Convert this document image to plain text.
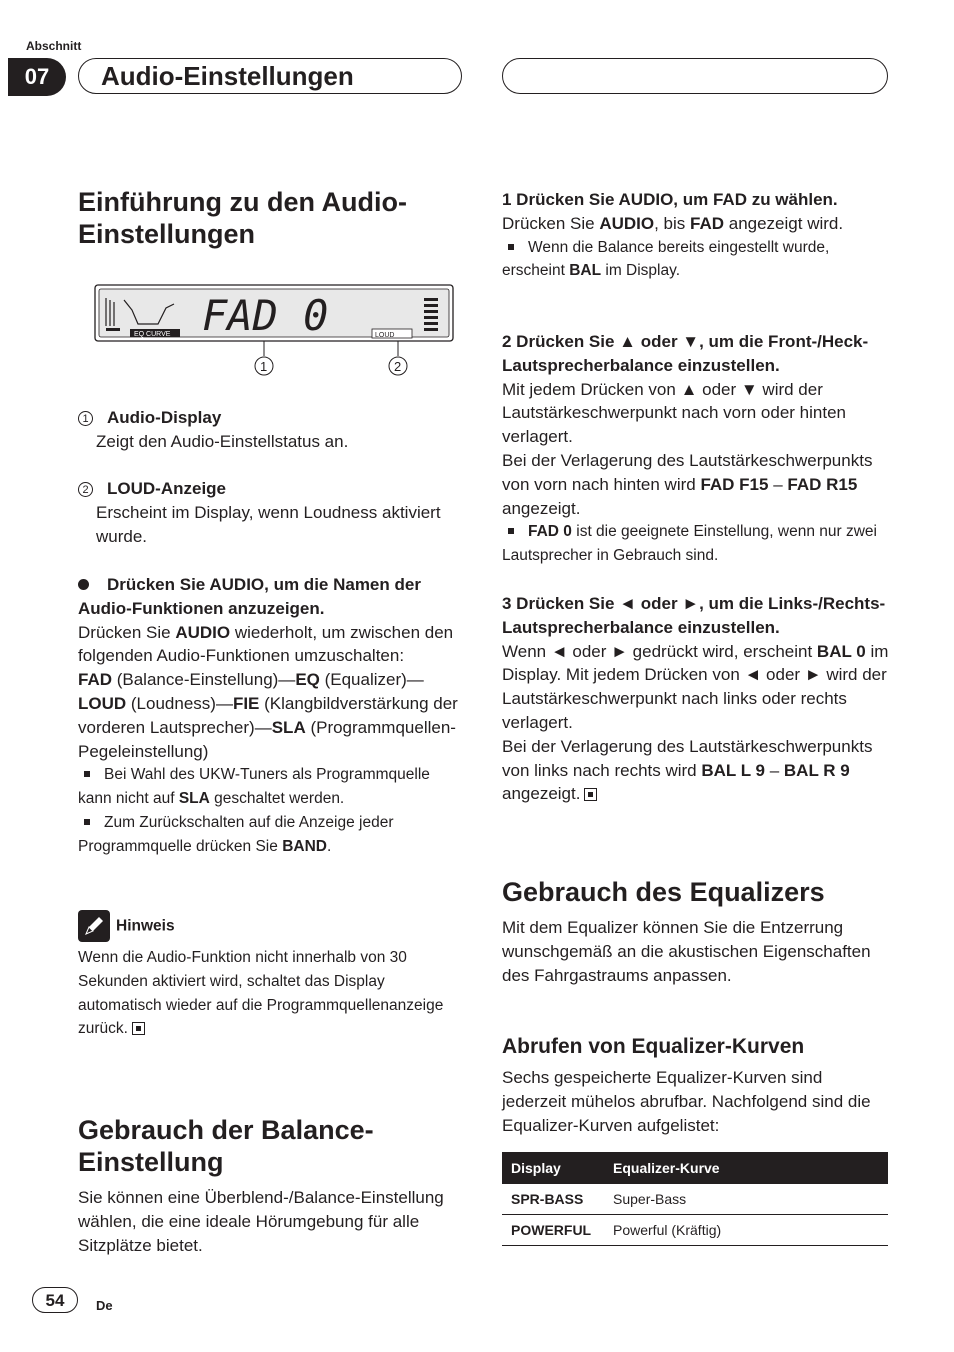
Abschnitt
07	Audio-Einstellungen
Einführung zu den Audio-Einstellungen
EQ CURVE FAD 0	LOUD
1	2

1 Audio-Display

Zeigt den Audio-Einstellstatus an.

2 LOUD-Anzeige

Erscheint im Display, wenn Loudness aktiviert wurde.

Drücken Sie AUDIO, um die Namen der Audio-Funktionen anzuzeigen.

Drücken Sie AUDIO wiederholt, um zwischen den folgenden Audio-Funktionen umzuschalten:

FAD (Balance-Einstellung)—EQ (Equalizer)—LOUD (Loudness)—FIE (Klangbildverstärkung der vorderen Lautsprecher)—SLA (Programmquellen-Pegeleinstellung)

Bei Wahl des UKW-Tuners als Programmquelle kann nicht auf SLA geschaltet werden.

Zum Zurückschalten auf die Anzeige jeder Programmquelle drücken Sie BAND.

Hinweis

Wenn die Audio-Funktion nicht innerhalb von 30 Sekunden aktiviert wird, schaltet das Display automatisch wieder auf die Programmquellenanzeige zurück.

Gebrauch der Balance-Einstellung

Sie können eine Überblend-/Balance-Einstellung wählen, die eine ideale Hörumgebung für alle Sitzplätze bietet.

1 Drücken Sie AUDIO, um FAD zu wählen.

Drücken Sie AUDIO, bis FAD angezeigt wird.

Wenn die Balance bereits eingestellt wurde, erscheint BAL im Display.

2 Drücken Sie ▲ oder ▼, um die Front-/Heck-Lautsprecherbalance einzustellen.

Mit jedem Drücken von ▲ oder ▼ wird der Lautstärkeschwerpunkt nach vorn oder hinten verlagert.

Bei der Verlagerung des Lautstärkeschwerpunkts von vorn nach hinten wird FAD F15 – FAD R15 angezeigt.

FAD 0 ist die geeignete Einstellung, wenn nur zwei Lautsprecher in Gebrauch sind.

3 Drücken Sie ◄ oder ►, um die Links-/Rechts-Lautsprecherbalance einzustellen.

Wenn ◄ oder ► gedrückt wird, erscheint BAL 0 im Display. Mit jedem Drücken von ◄ oder ► wird der Lautstärkeschwerpunkt nach links oder rechts verlagert.

Bei der Verlagerung des Lautstärkeschwerpunkts von links nach rechts wird BAL L 9 – BAL R 9 angezeigt.

Gebrauch des Equalizers

Mit dem Equalizer können Sie die Entzerrung wunschgemäß an die akustischen Eigenschaften des Fahrgastraums anpassen.

Abrufen von Equalizer-Kurven

Sechs gespeicherte Equalizer-Kurven sind jederzeit mühelos abrufbar. Nachfolgend sind die Equalizer-Kurven aufgelistet:

Display	Equalizer-Kurve
SPR-BASS	Super-Bass
POWERFUL	Powerful (Kräftig)
54	De
